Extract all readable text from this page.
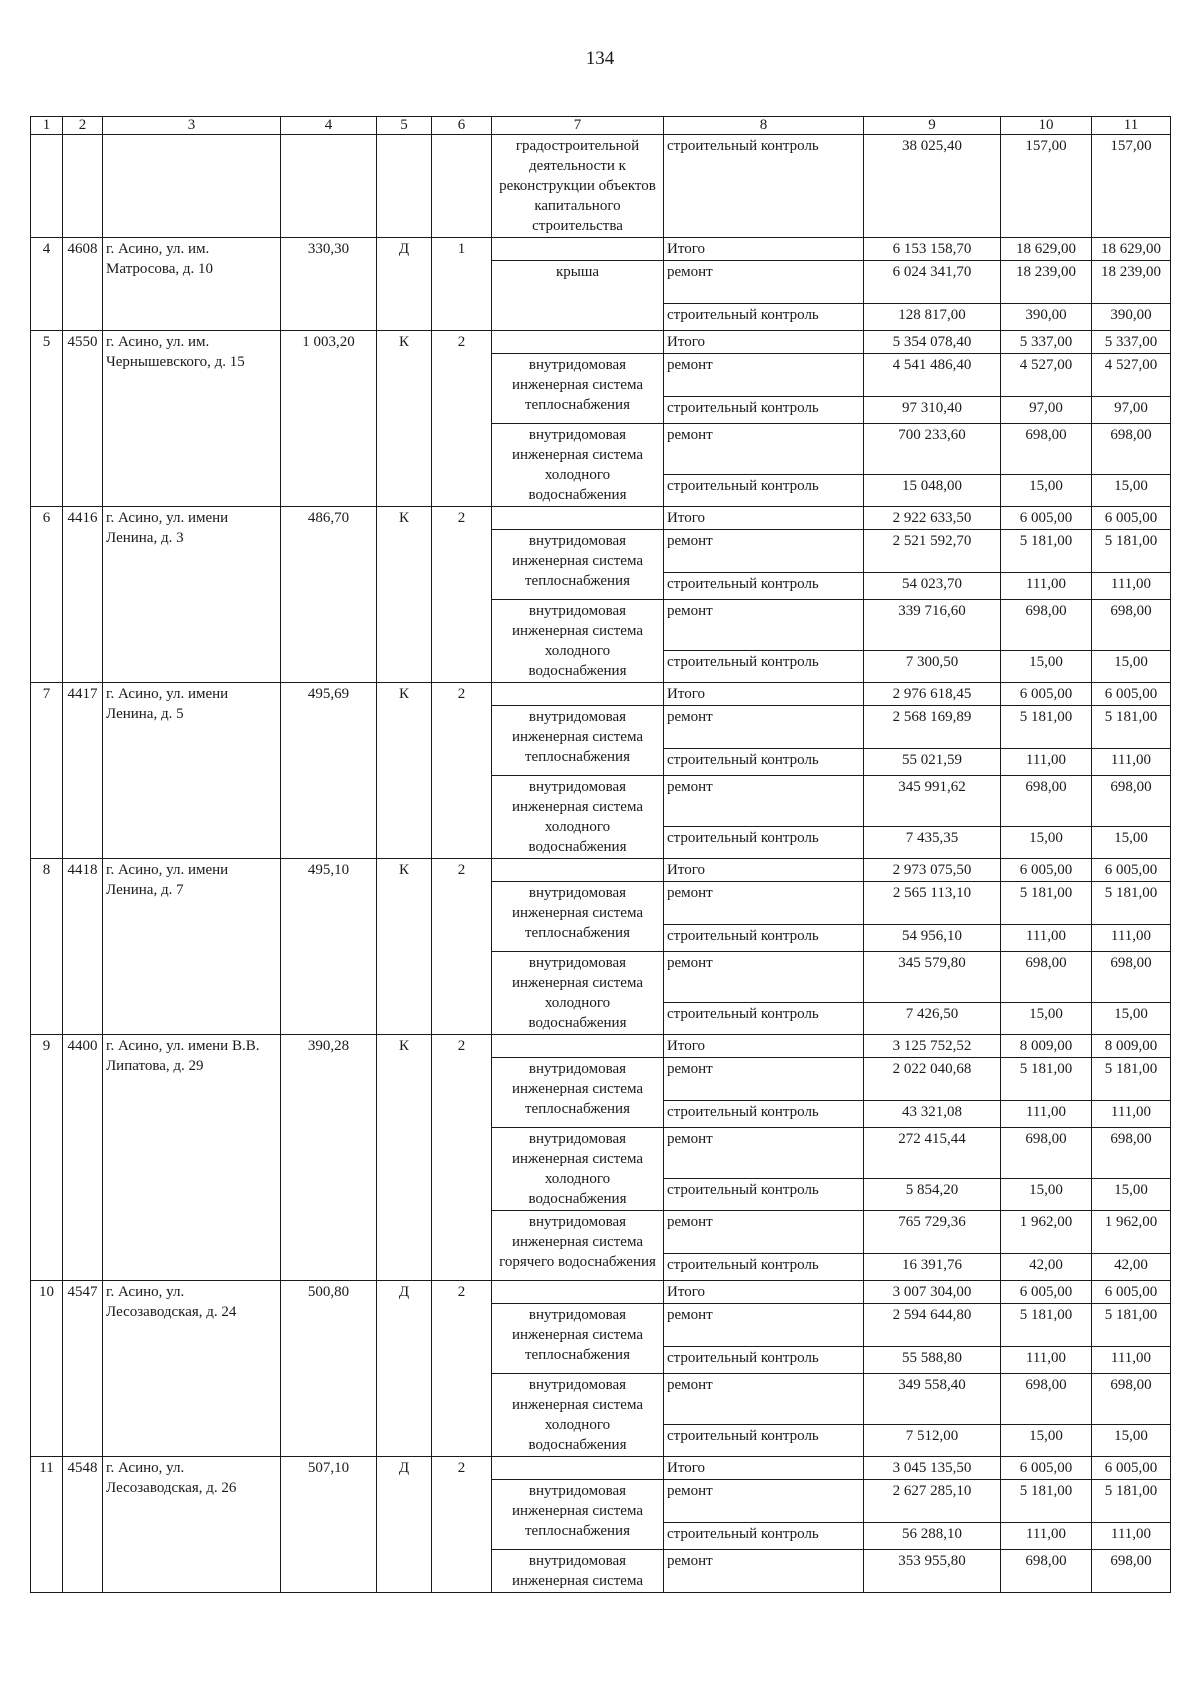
134
1	2	3	4	5	6	7	8	9	10	11
						градостроительной деятельности к реконструкции объектов капитального строительства	строительный контроль	38 025,40	157,00	157,00
4	4608	г. Асино, ул. им. Матросова, д. 10	330,30	Д	1		Итого	6 153 158,70	18 629,00	18 629,00
						крыша	ремонт	6 024 341,70	18 239,00	18 239,00
							строительный контроль	128 817,00	390,00	390,00
5	4550	г. Асино, ул. им. Чернышевского, д. 15	1 003,20	К	2		Итого	5 354 078,40	5 337,00	5 337,00
						внутридомовая инженерная система теплоснабжения	ремонт	4 541 486,40	4 527,00	4 527,00
							строительный контроль	97 310,40	97,00	97,00
						внутридомовая инженерная система холодного водоснабжения	ремонт	700 233,60	698,00	698,00
							строительный контроль	15 048,00	15,00	15,00
6	4416	г. Асино, ул. имени Ленина, д. 3	486,70	К	2		Итого	2 922 633,50	6 005,00	6 005,00
						внутридомовая инженерная система теплоснабжения	ремонт	2 521 592,70	5 181,00	5 181,00
							строительный контроль	54 023,70	111,00	111,00
						внутридомовая инженерная система холодного водоснабжения	ремонт	339 716,60	698,00	698,00
							строительный контроль	7 300,50	15,00	15,00
7	4417	г. Асино, ул. имени Ленина, д. 5	495,69	К	2		Итого	2 976 618,45	6 005,00	6 005,00
						внутридомовая инженерная система теплоснабжения	ремонт	2 568 169,89	5 181,00	5 181,00
							строительный контроль	55 021,59	111,00	111,00
						внутридомовая инженерная система холодного водоснабжения	ремонт	345 991,62	698,00	698,00
							строительный контроль	7 435,35	15,00	15,00
8	4418	г. Асино, ул. имени Ленина, д. 7	495,10	К	2		Итого	2 973 075,50	6 005,00	6 005,00
						внутридомовая инженерная система теплоснабжения	ремонт	2 565 113,10	5 181,00	5 181,00
							строительный контроль	54 956,10	111,00	111,00
						внутридомовая инженерная система холодного водоснабжения	ремонт	345 579,80	698,00	698,00
							строительный контроль	7 426,50	15,00	15,00
9	4400	г. Асино, ул. имени В.В. Липатова, д. 29	390,28	К	2		Итого	3 125 752,52	8 009,00	8 009,00
						внутридомовая инженерная система теплоснабжения	ремонт	2 022 040,68	5 181,00	5 181,00
							строительный контроль	43 321,08	111,00	111,00
						внутридомовая инженерная система холодного водоснабжения	ремонт	272 415,44	698,00	698,00
							строительный контроль	5 854,20	15,00	15,00
						внутридомовая инженерная система горячего водоснабжения	ремонт	765 729,36	1 962,00	1 962,00
							строительный контроль	16 391,76	42,00	42,00
10	4547	г. Асино, ул. Лесозаводская, д. 24	500,80	Д	2		Итого	3 007 304,00	6 005,00	6 005,00
						внутридомовая инженерная система теплоснабжения	ремонт	2 594 644,80	5 181,00	5 181,00
							строительный контроль	55 588,80	111,00	111,00
						внутридомовая инженерная система холодного водоснабжения	ремонт	349 558,40	698,00	698,00
							строительный контроль	7 512,00	15,00	15,00
11	4548	г. Асино, ул. Лесозаводская, д. 26	507,10	Д	2		Итого	3 045 135,50	6 005,00	6 005,00
						внутридомовая инженерная система теплоснабжения	ремонт	2 627 285,10	5 181,00	5 181,00
							строительный контроль	56 288,10	111,00	111,00
						внутридомовая инженерная система	ремонт	353 955,80	698,00	698,00
